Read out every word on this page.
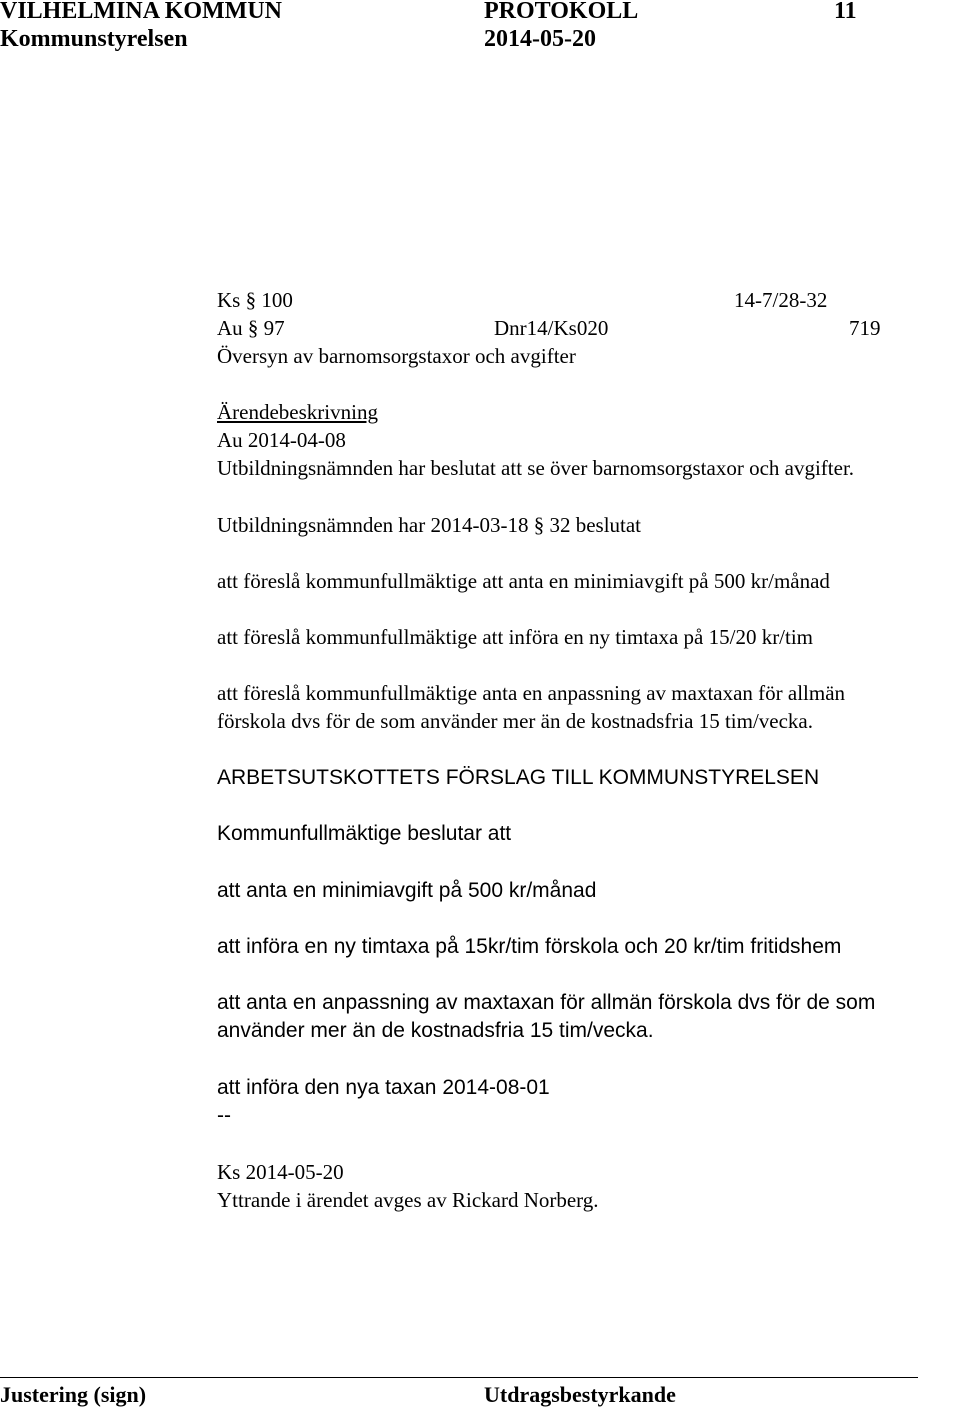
VILHELMINA KOMMUN	PROTOKOLL	11
Kommunstyrelsen	2014-05-20
Ks § 100	14-7/28-32
Au § 97	Dnr14/Ks020	719
Översyn av barnomsorgstaxor och avgifter
Ärendebeskrivning
Au 2014-04-08
Utbildningsnämnden har beslutat att se över barnomsorgstaxor och avgifter.
Utbildningsnämnden har 2014-03-18 § 32 beslutat
att föreslå kommunfullmäktige att anta en minimiavgift på 500 kr/månad
att föreslå kommunfullmäktige att införa en ny timtaxa på 15/20 kr/tim
att föreslå kommunfullmäktige anta en anpassning av maxtaxan för allmän
förskola dvs för de som använder mer än de kostnadsfria 15 tim/vecka.
ARBETSUTSKOTTETS FÖRSLAG TILL KOMMUNSTYRELSEN
Kommunfullmäktige beslutar att
att anta en minimiavgift på 500 kr/månad
att införa en ny timtaxa på 15kr/tim förskola och 20 kr/tim fritidshem
att anta en anpassning av maxtaxan för allmän förskola dvs för de som
använder mer än de kostnadsfria 15 tim/vecka.
att införa den nya taxan 2014-08-01
--
Ks 2014-05-20
Yttrande i ärendet avges av Rickard Norberg.
Justering (sign)	Utdragsbestyrkande
